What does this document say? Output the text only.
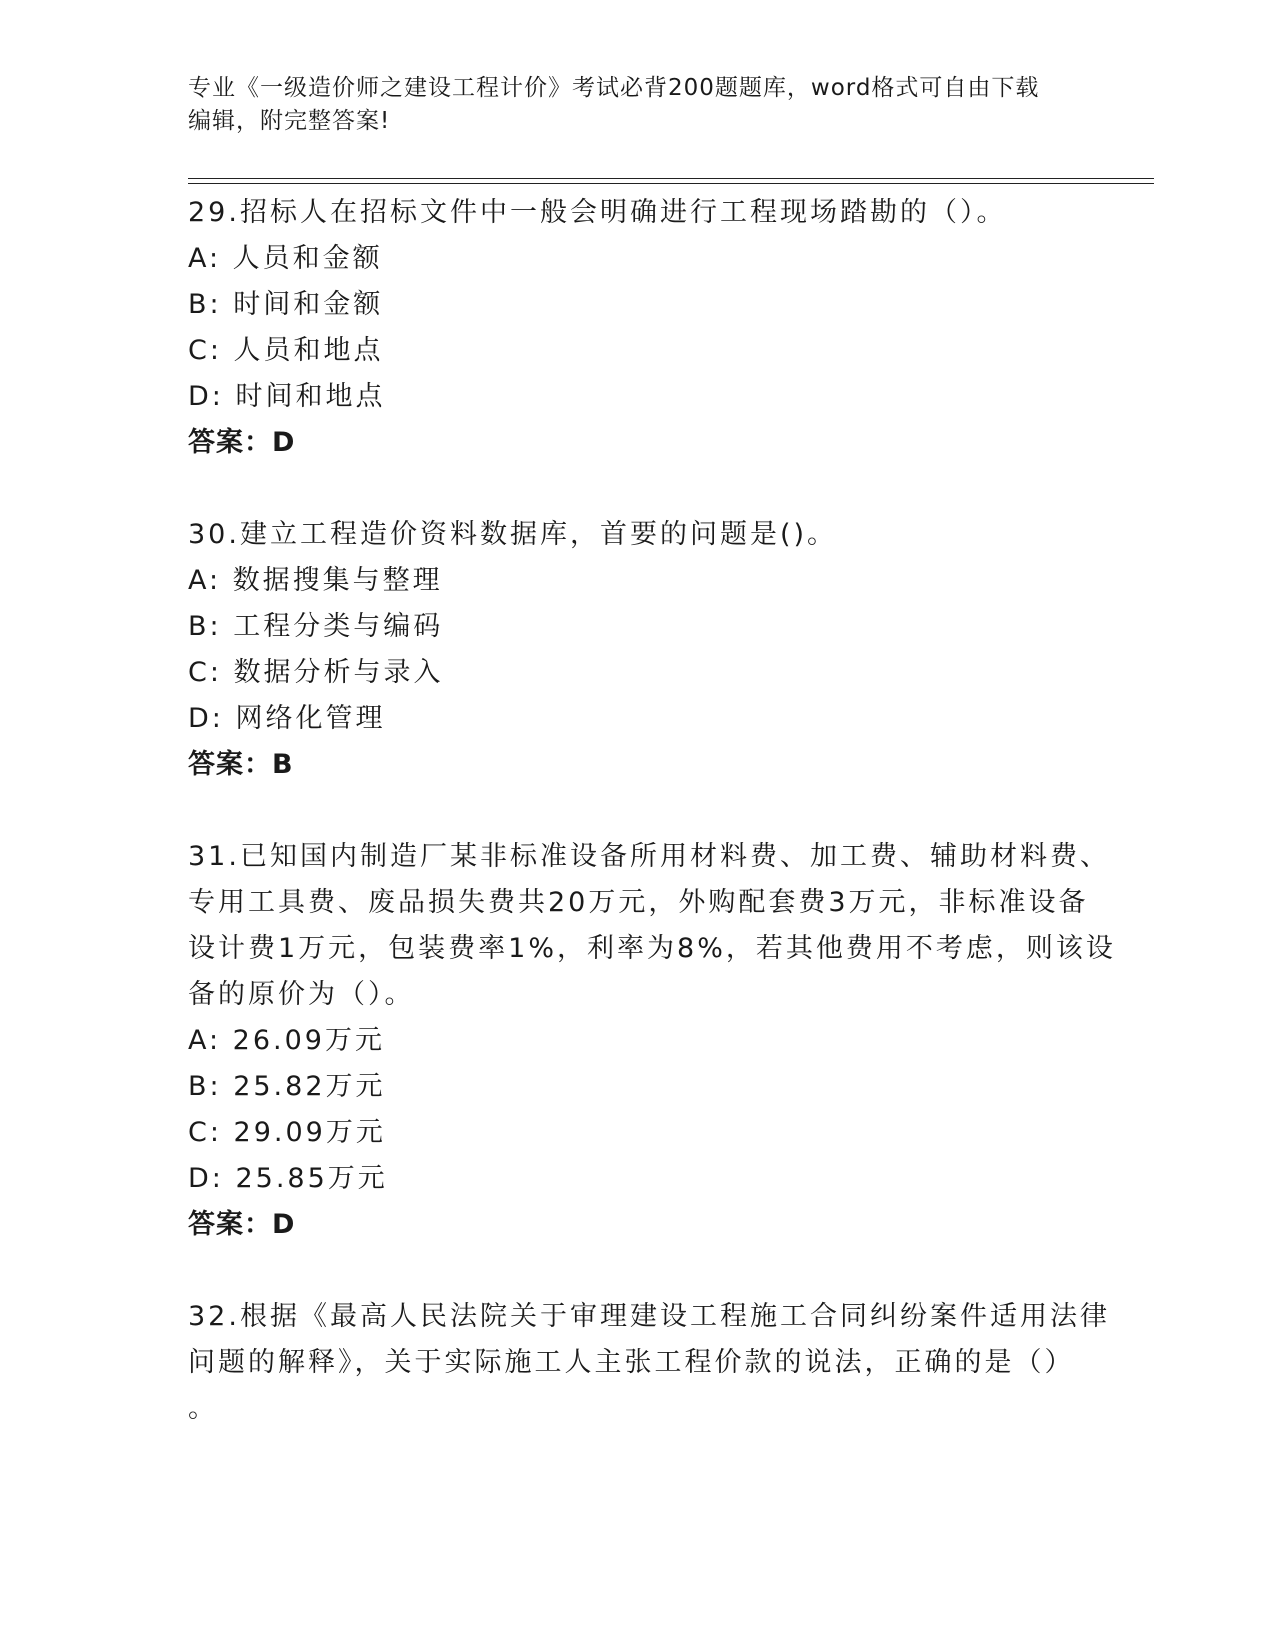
专业《一级造价师之建设工程计价》考试必背200题题库，word格式可自由下载
编辑，附完整答案!
29.招标人在招标文件中一般会明确进行工程现场踏勘的（）。
A: 人员和金额
B: 时间和金额
C: 人员和地点
D: 时间和地点
答案：D
30.建立工程造价资料数据库，首要的问题是()。
A: 数据搜集与整理
B: 工程分类与编码
C: 数据分析与录入
D: 网络化管理
答案：B
31.已知国内制造厂某非标准设备所用材料费、加工费、辅助材料费、
专用工具费、废品损失费共20万元，外购配套费3万元，非标准设备
设计费1万元，包装费率1%，利率为8%，若其他费用不考虑，则该设
备的原价为（）。
A: 26.09万元
B: 25.82万元
C: 29.09万元
D: 25.85万元
答案：D
32.根据《最高人民法院关于审理建设工程施工合同纠纷案件适用法律
问题的解释》，关于实际施工人主张工程价款的说法，正确的是（）
。
